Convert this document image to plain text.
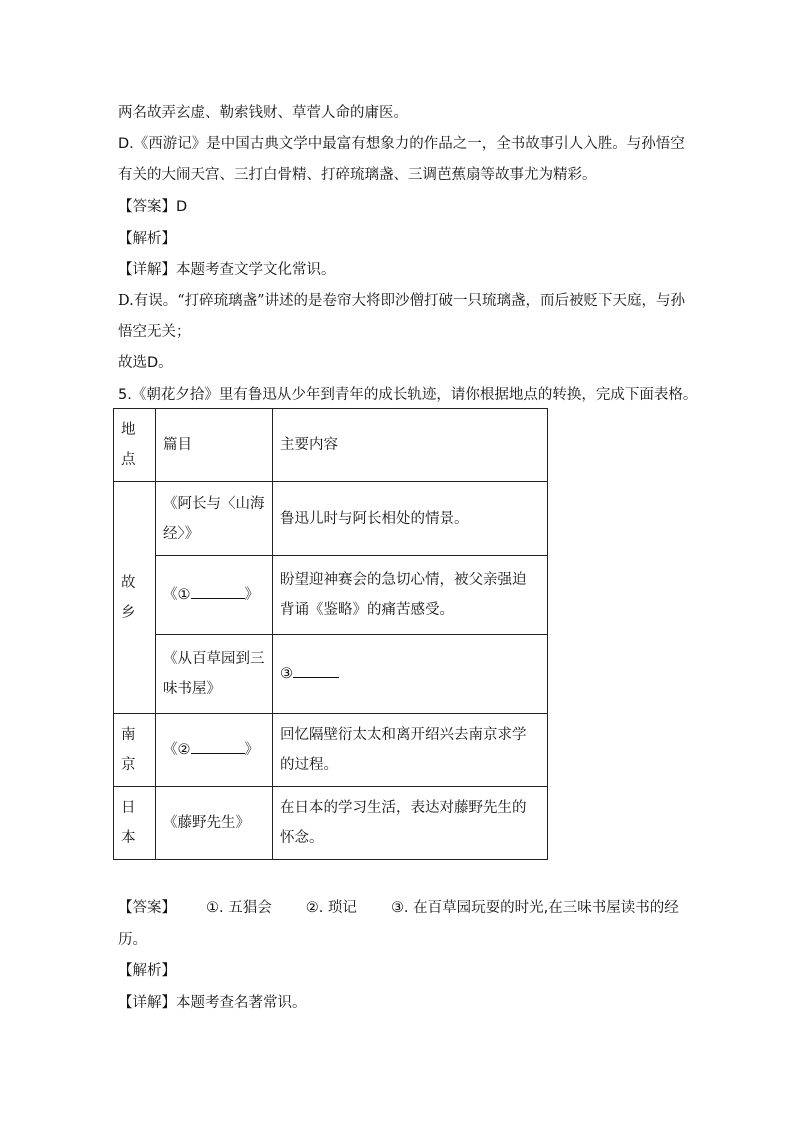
两名故弄玄虚、勒索钱财、草菅人命的庸医。
D.《西游记》是中国古典文学中最富有想象力的作品之一，全书故事引人入胜。与孙悟空
有关的大闹天宫、三打白骨精、打碎琉璃盏、三调芭蕉扇等故事尤为精彩。
【答案】D
【解析】
【详解】本题考查文学文化常识。
D.有误。“打碎琉璃盏”讲述的是卷帘大将即沙僧打破一只琉璃盏，而后被贬下天庭，与孙
悟空无关；
故选D。
5.《朝花夕拾》里有鲁迅从少年到青年的成长轨迹，请你根据地点的转换，完成下面表格。
地点	篇目	主要内容
故乡	《阿长与〈山海经〉》	鲁迅儿时与阿长相处的情景。
	《① 》	盼望迎神赛会的急切心情，被父亲强迫背诵《鉴略》的痛苦感受。
	《从百草园到三味书屋》	③
南京	《② 》	回忆隔壁衍太太和离开绍兴去南京求学的过程。
日本	《藤野先生》	在日本的学习生活，表达对藤野先生的怀念。
【答案】 ①. 五猖会 ②. 琐记 ③. 在百草园玩耍的时光,在三味书屋读书的经
历。
【解析】
【详解】本题考查名著常识。
